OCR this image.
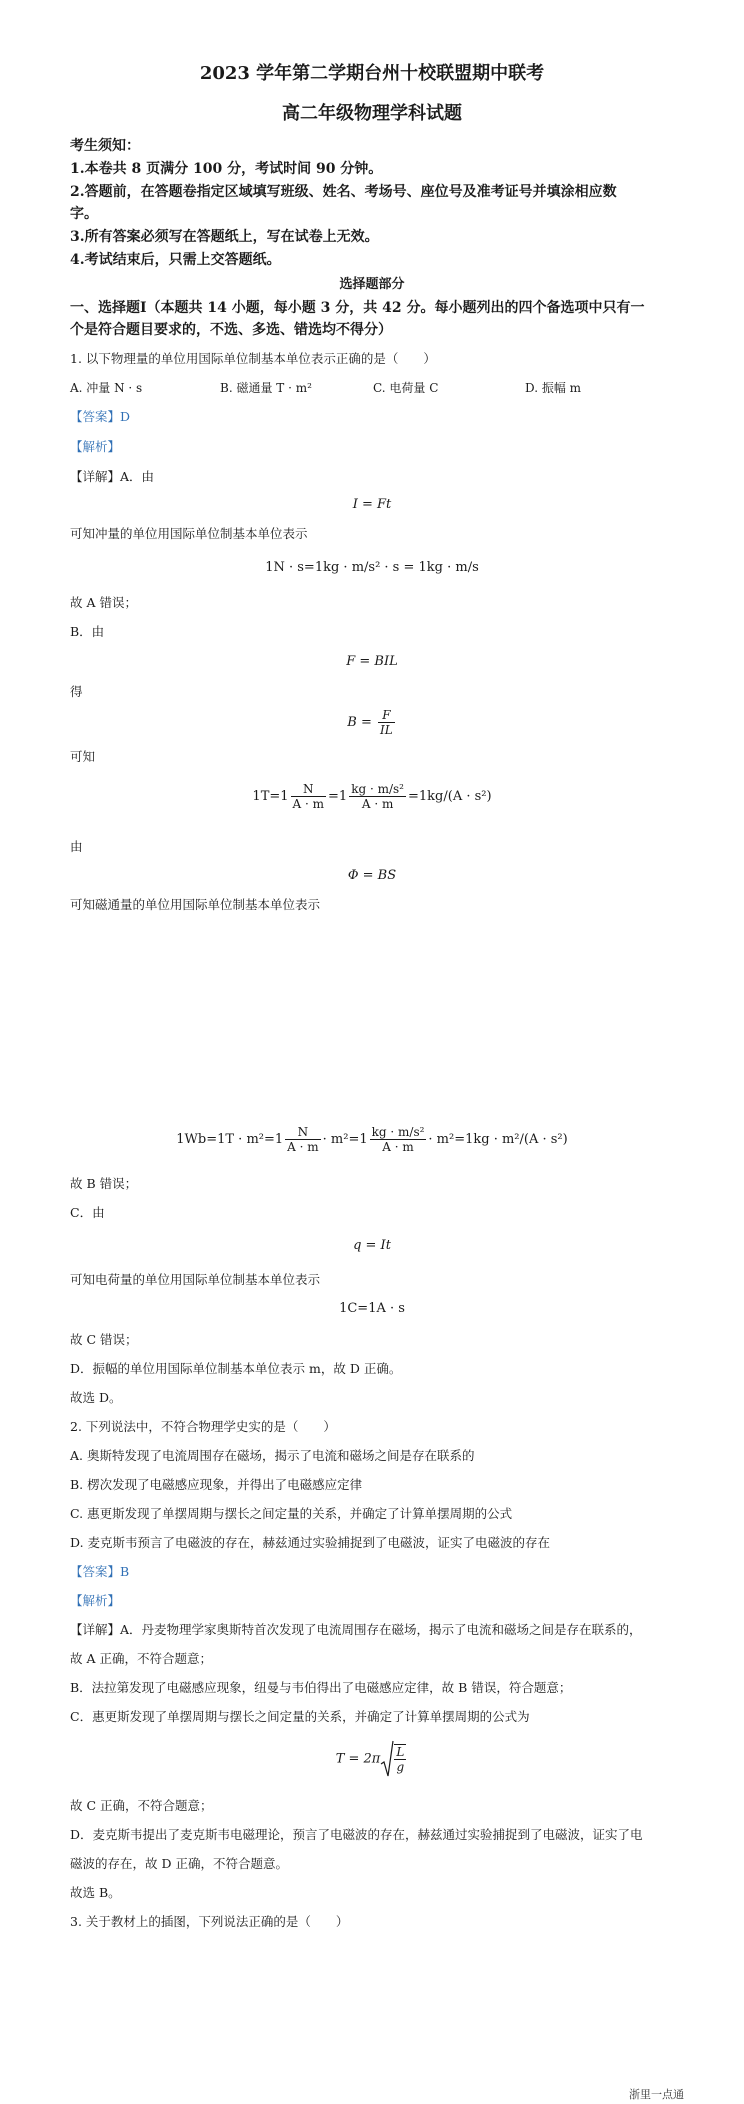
2023 学年第二学期台州十校联盟期中联考
高二年级物理学科试题
考生须知：
1.本卷共 8 页满分 100 分，考试时间 90 分钟。
2.答题前，在答题卷指定区域填写班级、姓名、考场号、座位号及准考证号并填涂相应数
字。
3.所有答案必须写在答题纸上，写在试卷上无效。
4.考试结束后，只需上交答题纸。
选择题部分
一、选择题Ⅰ（本题共 14 小题，每小题 3 分，共 42 分。每小题列出的四个备选项中只有一
个是符合题目要求的，不选、多选、错选均不得分）
1. 以下物理量的单位用国际单位制基本单位表示正确的是（　　）
A. 冲量 N · s	B. 磁通量 T · m²	C. 电荷量 C	D. 振幅 m
【答案】D
【解析】
【详解】A．由
I = Ft
可知冲量的单位用国际单位制基本单位表示
1N · s=1kg · m/s² · s = 1kg · m/s
故 A 错误；
B．由
F = BIL
得
$B = \frac{F}{IL}$
可知
$1T=1 \frac{N}{A \cdot m} =1 \frac{\text{kg · m/s²}}{A \cdot m} =1kg/(A \cdot s^2)$
由
Φ = BS
可知磁通量的单位用国际单位制基本单位表示
$1Wb=1T \cdot m^2=1 \frac{N}{A \cdot m} \cdot m^2=1 \frac{\text{kg · m/s²}}{A \cdot m} \cdot m^2=1kg \cdot m^2/(A \cdot s^2)$
故 B 错误；
C．由
q = It
可知电荷量的单位用国际单位制基本单位表示
1C=1A · s
故 C 错误；
D．振幅的单位用国际单位制基本单位表示 m，故 D 正确。
故选 D。
2. 下列说法中，不符合物理学史实的是（　　）
A. 奥斯特发现了电流周围存在磁场，揭示了电流和磁场之间是存在联系的
B. 楞次发现了电磁感应现象，并得出了电磁感应定律
C. 惠更斯发现了单摆周期与摆长之间定量的关系，并确定了计算单摆周期的公式
D. 麦克斯韦预言了电磁波的存在，赫兹通过实验捕捉到了电磁波，证实了电磁波的存在
【答案】B
【解析】
【详解】A．丹麦物理学家奥斯特首次发现了电流周围存在磁场，揭示了电流和磁场之间是存在联系的，
故 A 正确，不符合题意；
B．法拉第发现了电磁感应现象，纽曼与韦伯得出了电磁感应定律，故 B 错误，符合题意；
C．惠更斯发现了单摆周期与摆长之间定量的关系，并确定了计算单摆周期的公式为
$T = 2\pi \frac{L}{g}$
故 C 正确，不符合题意；
D．麦克斯韦提出了麦克斯韦电磁理论，预言了电磁波的存在，赫兹通过实验捕捉到了电磁波，证实了电
磁波的存在，故 D 正确，不符合题意。
故选 B。
3. 关于教材上的插图，下列说法正确的是（　　）
浙里一点通
